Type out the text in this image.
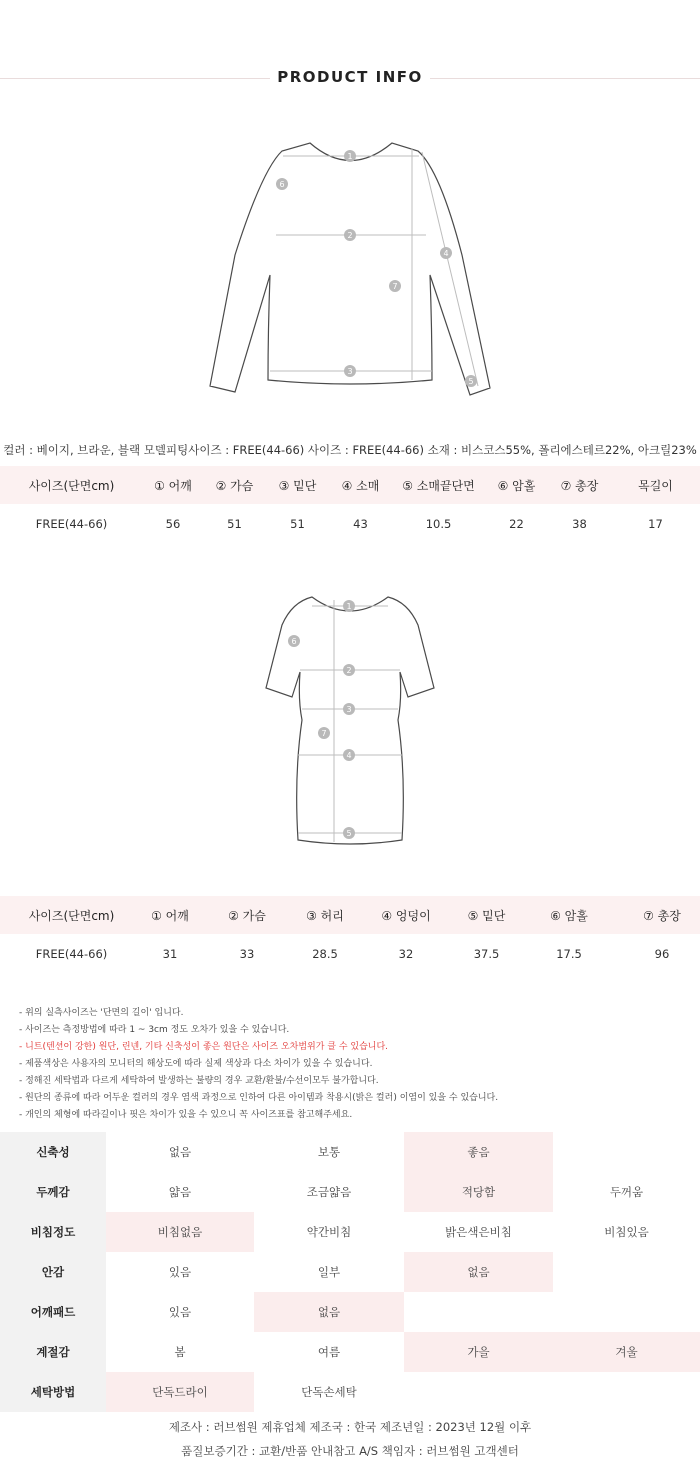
PRODUCT INFO
1
2
3
4
5
6
7
컬러 : 베이지, 브라운, 블랙 모델피팅사이즈 : FREE(44-66) 사이즈 : FREE(44-66) 소재 : 비스코스55%, 폴리에스테르22%, 아크릴23%
사이즈(단면cm)	① 어깨	② 가슴	③ 밑단	④ 소매	⑤ 소매끝단면	⑥ 암홀	⑦ 총장	목길이
FREE(44-66)	56	51	51	43	10.5	22	38	17
1
2
3
4
5
6
7
사이즈(단면cm)	① 어깨	② 가슴	③ 허리	④ 엉덩이	⑤ 밑단	⑥ 암홀	⑦ 총장
FREE(44-66)	31	33	28.5	32	37.5	17.5	96
- 위의 실측사이즈는 '단면의 길이' 입니다.
- 사이즈는 측정방법에 따라 1 ~ 3cm 정도 오차가 있을 수 있습니다.
- 니트(텐션이 강한) 원단, 린넨, 기타 신축성이 좋은 원단은 사이즈 오차범위가 클 수 있습니다.
- 제품색상은 사용자의 모니터의 해상도에 따라 실제 색상과 다소 차이가 있을 수 있습니다.
- 정해진 세탁법과 다르게 세탁하여 발생하는 불량의 경우 교환/환불/수선이모두 불가합니다.
- 원단의 종류에 따라 어두운 컬러의 경우 염색 과정으로 인하여 다른 아이템과 착용시(밝은 컬러) 이염이 있을 수 있습니다.
- 개인의 체형에 따라길이나 핏은 차이가 있을 수 있으니 꼭 사이즈표를 참고해주세요.
신축성	없음	보통	좋음	
두께감	얇음	조금얇음	적당함	두꺼움
비침정도	비침없음	약간비침	밝은색은비침	비침있음
안감	있음	일부	없음	
어깨패드	있음	없음		
계절감	봄	여름	가을	겨울
세탁방법	단독드라이	단독손세탁		
제조사 : 러브썸원 제휴업체 제조국 : 한국 제조년일 : 2023년 12월 이후
품질보증기간 : 교환/반품 안내참고 A/S 책임자 : 러브썸원 고객센터
